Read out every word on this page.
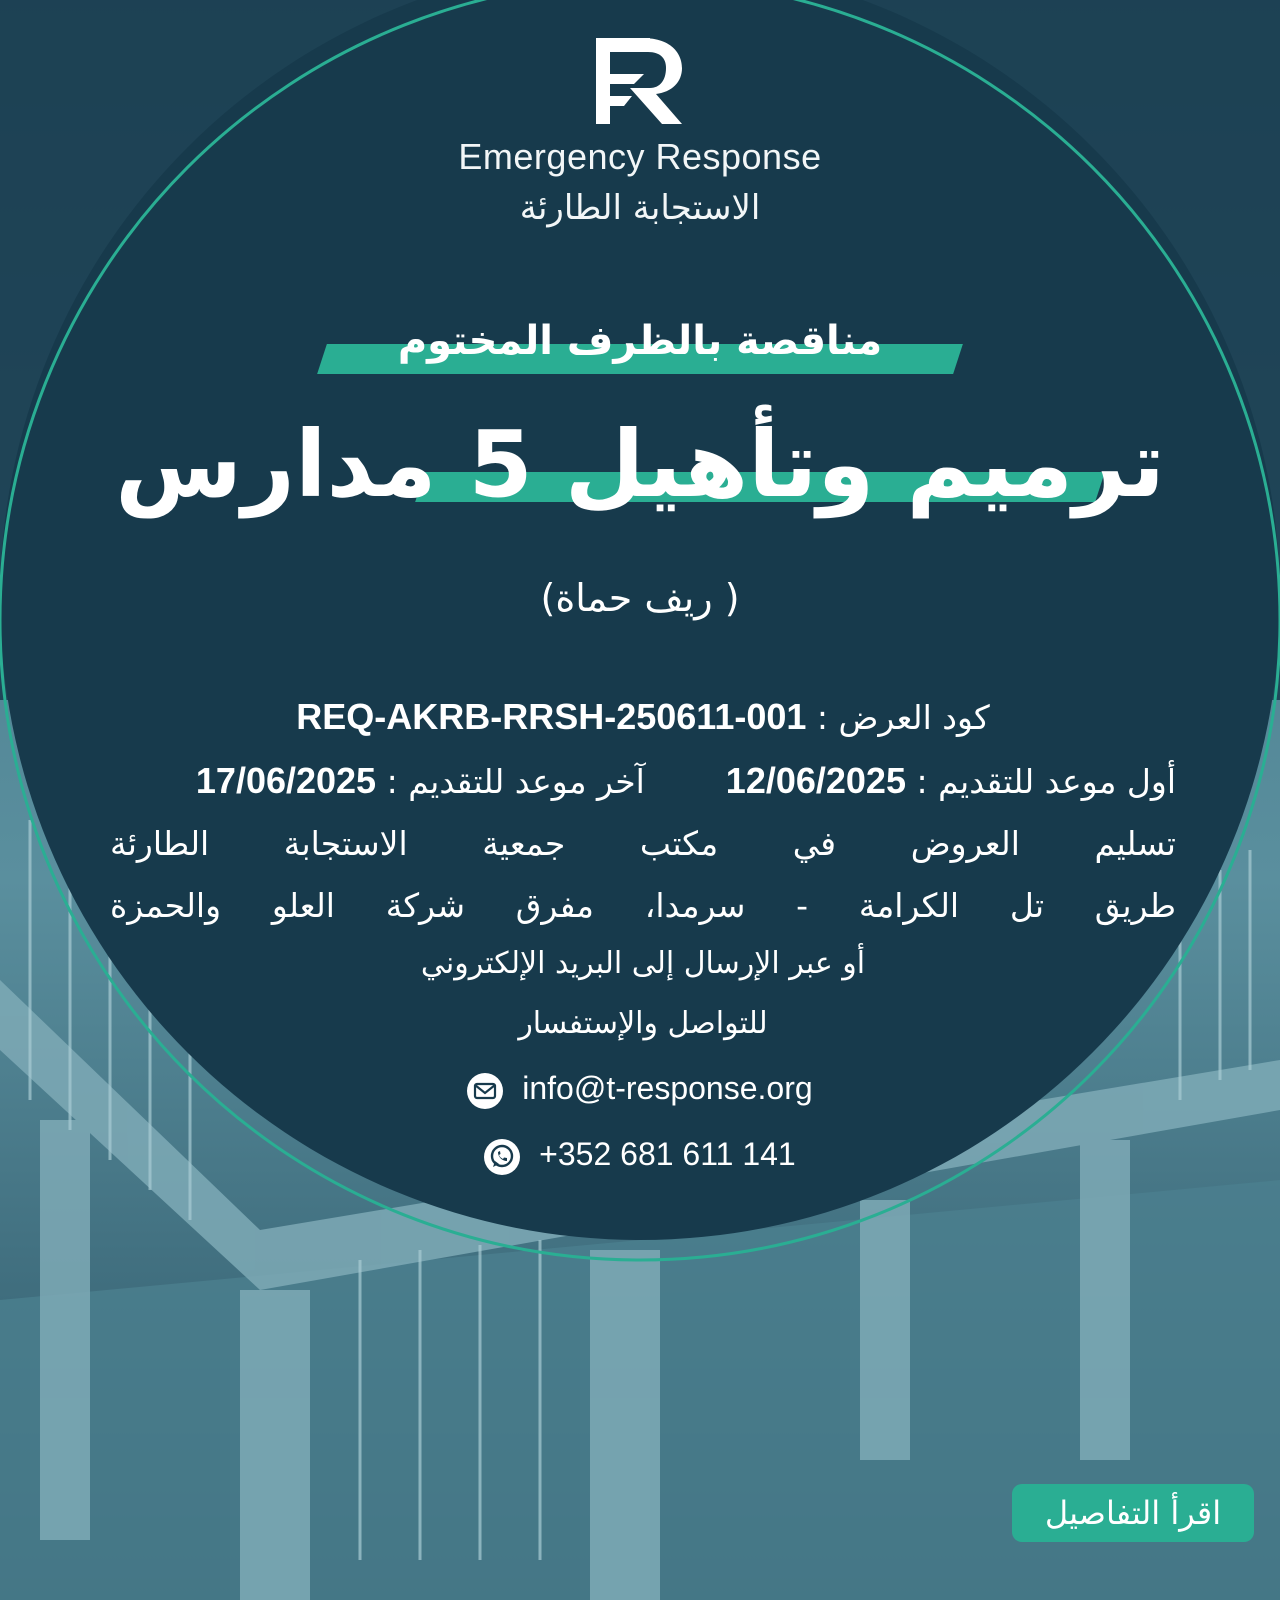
Emergency Response
الاستجابة الطارئة
مناقصة بالظرف المختوم
ترميم وتأهيل 5 مدارس
(ريف حماة )
كود العرض : REQ-AKRB-RRSH-250611-001
أول موعد للتقديم : 12/06/2025  آخر موعد للتقديم : 17/06/2025
تسليم العروض في مكتب جمعية الاستجابة الطارئة
طريق تل الكرامة - سرمدا، مفرق شركة العلو والحمزة
أو عبر الإرسال إلى البريد الإلكتروني
للتواصل والإستفسار
info@t-response.org
+352 681 611 141
اقرأ التفاصيل
